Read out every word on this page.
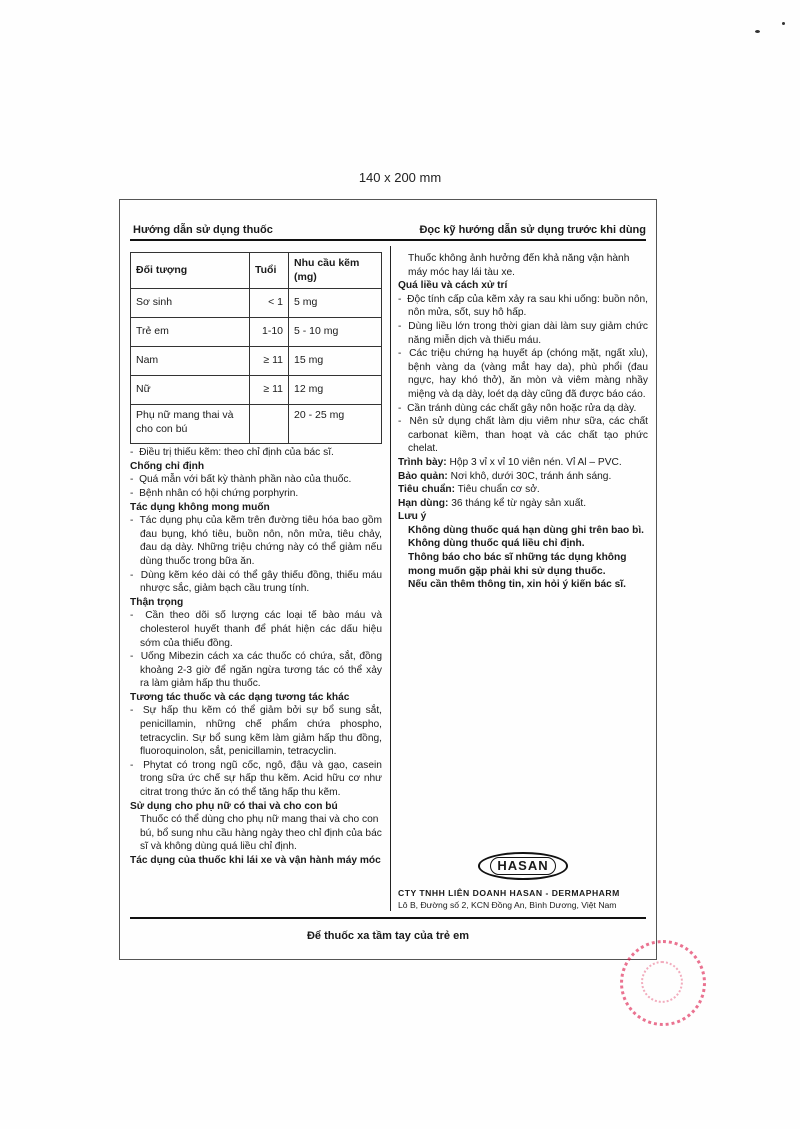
140 x 200 mm
Hướng dẫn sử dụng thuốc	Đọc kỹ hướng dẫn sử dụng trước khi dùng
Đối tượng	Tuổi	Nhu cầu kẽm (mg)
Sơ sinh	< 1	5 mg
Trẻ em	1-10	5 - 10 mg
Nam	≥ 11	15 mg
Nữ	≥ 11	12 mg
Phụ nữ mang thai và cho con bú		20 - 25 mg
- Điều trị thiếu kẽm: theo chỉ định của bác sĩ.
Chống chỉ định
- Quá mẫn với bất kỳ thành phần nào của thuốc.
- Bệnh nhân có hội chứng porphyrin.
Tác dụng không mong muốn
- Tác dụng phụ của kẽm trên đường tiêu hóa bao gồm đau bụng, khó tiêu, buồn nôn, nôn mửa, tiêu chảy, đau dạ dày. Những triệu chứng này có thể giảm nếu dùng thuốc trong bữa ăn.
- Dùng kẽm kéo dài có thể gây thiếu đồng, thiếu máu nhược sắc, giảm bạch cầu trung tính.
Thận trọng
- Cần theo dõi số lượng các loại tế bào máu và cholesterol huyết thanh để phát hiện các dấu hiệu sớm của thiếu đồng.
- Uống Mibezin cách xa các thuốc có chứa, sắt, đồng khoảng 2-3 giờ để ngăn ngừa tương tác có thể xảy ra làm giảm hấp thu thuốc.
Tương tác thuốc và các dạng tương tác khác
- Sự hấp thu kẽm có thể giảm bởi sự bổ sung sắt, penicillamin, những chế phẩm chứa phospho, tetracyclin. Sự bổ sung kẽm làm giảm hấp thu đồng, fluoroquinolon, sắt, penicillamin, tetracyclin.
- Phytat có trong ngũ cốc, ngô, đậu và gạo, casein trong sữa ức chế sự hấp thu kẽm. Acid hữu cơ như citrat trong thức ăn có thể tăng hấp thu kẽm.
Sử dụng cho phụ nữ có thai và cho con bú
Thuốc có thể dùng cho phụ nữ mang thai và cho con bú, bổ sung nhu cầu hàng ngày theo chỉ định của bác sĩ và không dùng quá liều chỉ định.
Tác dụng của thuốc khi lái xe và vận hành máy móc
Thuốc không ảnh hưởng đến khả năng vận hành máy móc hay lái tàu xe.
Quá liều và cách xử trí
- Độc tính cấp của kẽm xảy ra sau khi uống: buồn nôn, nôn mửa, sốt, suy hô hấp.
- Dùng liều lớn trong thời gian dài làm suy giảm chức năng miễn dịch và thiếu máu.
- Các triệu chứng hạ huyết áp (chóng mặt, ngất xỉu), bệnh vàng da (vàng mắt hay da), phù phổi (đau ngực, hay khó thở), ăn mòn và viêm màng nhầy miệng và dạ dày, loét dạ dày cũng đã được báo cáo.
- Cần tránh dùng các chất gây nôn hoặc rửa dạ dày.
- Nên sử dụng chất làm dịu viêm như sữa, các chất carbonat kiềm, than hoạt và các chất tạo phức chelat.
Trình bày: Hộp 3 vỉ x vỉ 10 viên nén. Vỉ Al – PVC.
Bảo quản: Nơi khô, dưới 30C, tránh ánh sáng.
Tiêu chuẩn: Tiêu chuẩn cơ sở.
Hạn dùng: 36 tháng kể từ ngày sản xuất.
Lưu ý
Không dùng thuốc quá hạn dùng ghi trên bao bì.
Không dùng thuốc quá liều chỉ định.
Thông báo cho bác sĩ những tác dụng không mong muốn gặp phải khi sử dụng thuốc.
Nếu cần thêm thông tin, xin hỏi ý kiến bác sĩ.
HASAN
CTY TNHH LIÊN DOANH HASAN - DERMAPHARM
Lô B, Đường số 2, KCN Đồng An, Bình Dương, Việt Nam
Để thuốc xa tầm tay của trẻ em
